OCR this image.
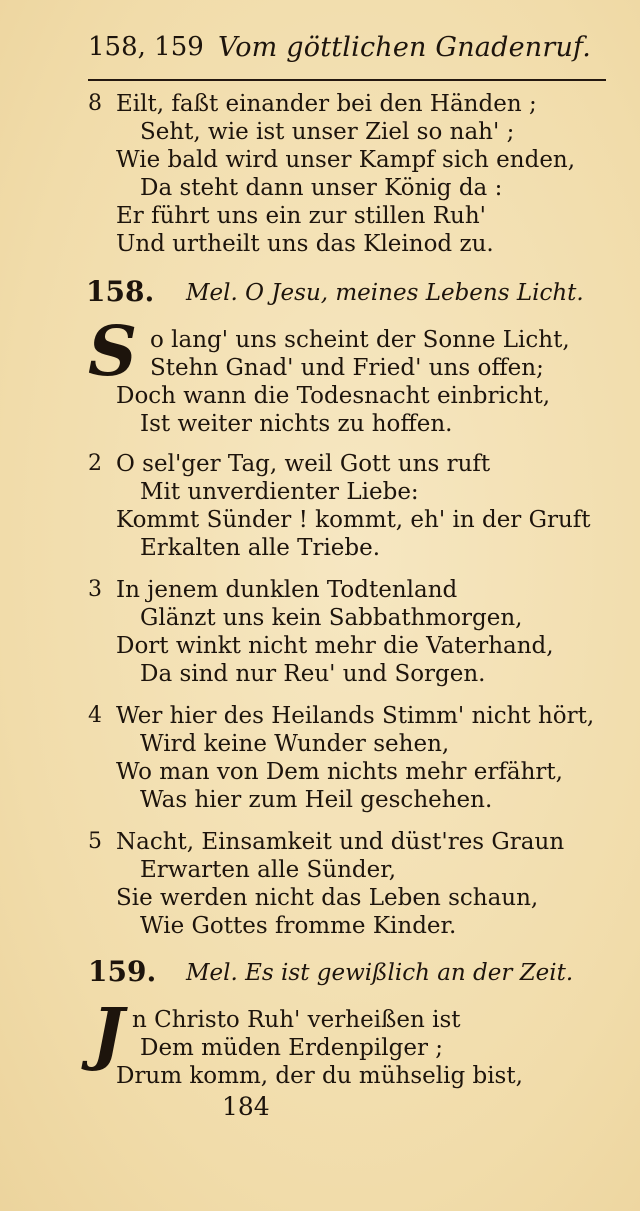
158, 159 Vom göttlichen Gnadenruf.
8 Eilt, faßt einander bei den Händen ;
Seht, wie ist unser Ziel so nah' ;
Wie bald wird unser Kampf sich enden,
Da steht dann unser König da :
Er führt uns ein zur stillen Ruh'
Und urtheilt uns das Kleinod zu.
158. Mel. O Jesu, meines Lebens Licht.
S o lang' uns scheint der Sonne Licht,
Stehn Gnad' und Fried' uns offen;
Doch wann die Todesnacht einbricht,
Ist weiter nichts zu hoffen.
2 O sel'ger Tag, weil Gott uns ruft
Mit unverdienter Liebe:
Kommt Sünder ! kommt, eh' in der Gruft
Erkalten alle Triebe.
3 In jenem dunklen Todtenland
Glänzt uns kein Sabbathmorgen,
Dort winkt nicht mehr die Vaterhand,
Da sind nur Reu' und Sorgen.
4 Wer hier des Heilands Stimm' nicht hört,
Wird keine Wunder sehen,
Wo man von Dem nichts mehr erfährt,
Was hier zum Heil geschehen.
5 Nacht, Einsamkeit und düst'res Graun
Erwarten alle Sünder,
Sie werden nicht das Leben schaun,
Wie Gottes fromme Kinder.
159. Mel. Es ist gewißlich an der Zeit.
J n Christo Ruh' verheißen ist
Dem müden Erdenpilger ;
Drum komm, der du mühselig bist,
184
